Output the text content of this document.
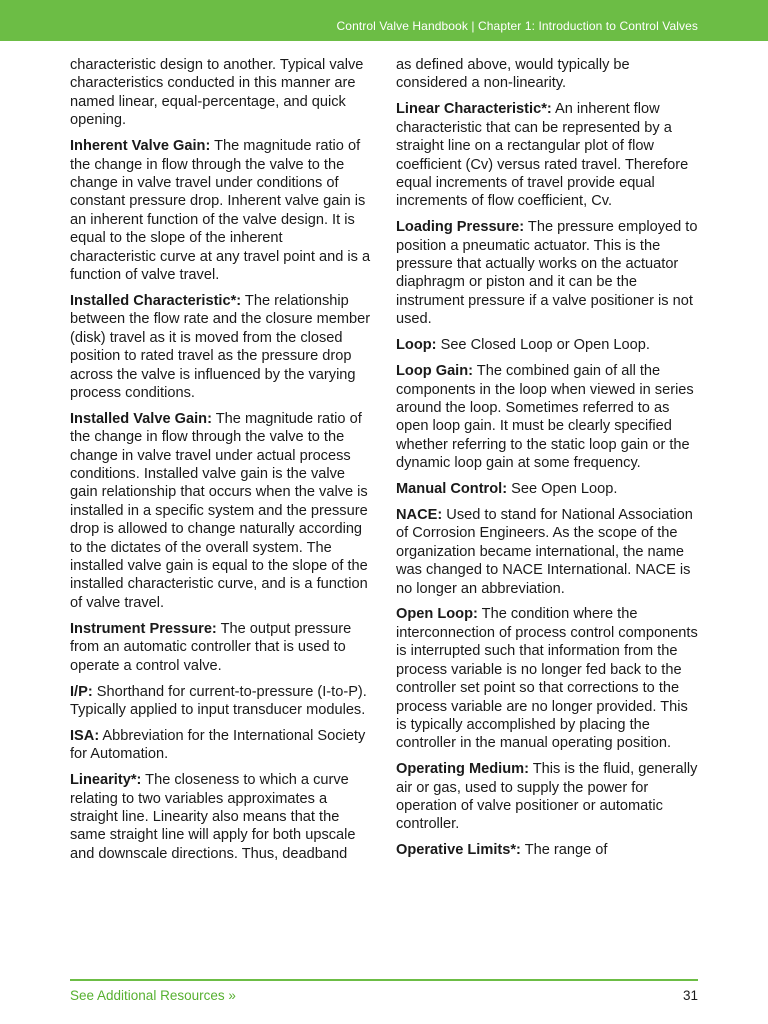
Control Valve Handbook | Chapter 1: Introduction to Control Valves

characteristic design to another. Typical valve characteristics conducted in this manner are named linear, equal-percentage, and quick opening.

Inherent Valve Gain: The magnitude ratio of the change in flow through the valve to the change in valve travel under conditions of constant pressure drop. Inherent valve gain is an inherent function of the valve design. It is equal to the slope of the inherent characteristic curve at any travel point and is a function of valve travel.

Installed Characteristic*: The relationship between the flow rate and the closure member (disk) travel as it is moved from the closed position to rated travel as the pressure drop across the valve is influenced by the varying process conditions.

Installed Valve Gain: The magnitude ratio of the change in flow through the valve to the change in valve travel under actual process conditions. Installed valve gain is the valve gain relationship that occurs when the valve is installed in a specific system and the pressure drop is allowed to change naturally according to the dictates of the overall system. The installed valve gain is equal to the slope of the installed characteristic curve, and is a function of valve travel.

Instrument Pressure: The output pressure from an automatic controller that is used to operate a control valve.

I/P: Shorthand for current-to-pressure (I-to-P). Typically applied to input transducer modules.

ISA: Abbreviation for the International Society for Automation.

Linearity*: The closeness to which a curve relating to two variables approximates a straight line. Linearity also means that the same straight line will apply for both upscale and downscale directions. Thus, deadband

as defined above, would typically be considered a non-linearity.

Linear Characteristic*: An inherent flow characteristic that can be represented by a straight line on a rectangular plot of flow coefficient (Cv) versus rated travel. Therefore equal increments of travel provide equal increments of flow coefficient, Cv.

Loading Pressure: The pressure employed to position a pneumatic actuator. This is the pressure that actually works on the actuator diaphragm or piston and it can be the instrument pressure if a valve positioner is not used.

Loop: See Closed Loop or Open Loop.

Loop Gain: The combined gain of all the components in the loop when viewed in series around the loop. Sometimes referred to as open loop gain. It must be clearly specified whether referring to the static loop gain or the dynamic loop gain at some frequency.

Manual Control: See Open Loop.

NACE: Used to stand for National Association of Corrosion Engineers. As the scope of the organization became international, the name was changed to NACE International. NACE is no longer an abbreviation.

Open Loop: The condition where the interconnection of process control components is interrupted such that information from the process variable is no longer fed back to the controller set point so that corrections to the process variable are no longer provided. This is typically accomplished by placing the controller in the manual operating position.

Operating Medium: This is the fluid, generally air or gas, used to supply the power for operation of valve positioner or automatic controller.

Operative Limits*: The range of

See Additional Resources »	31
